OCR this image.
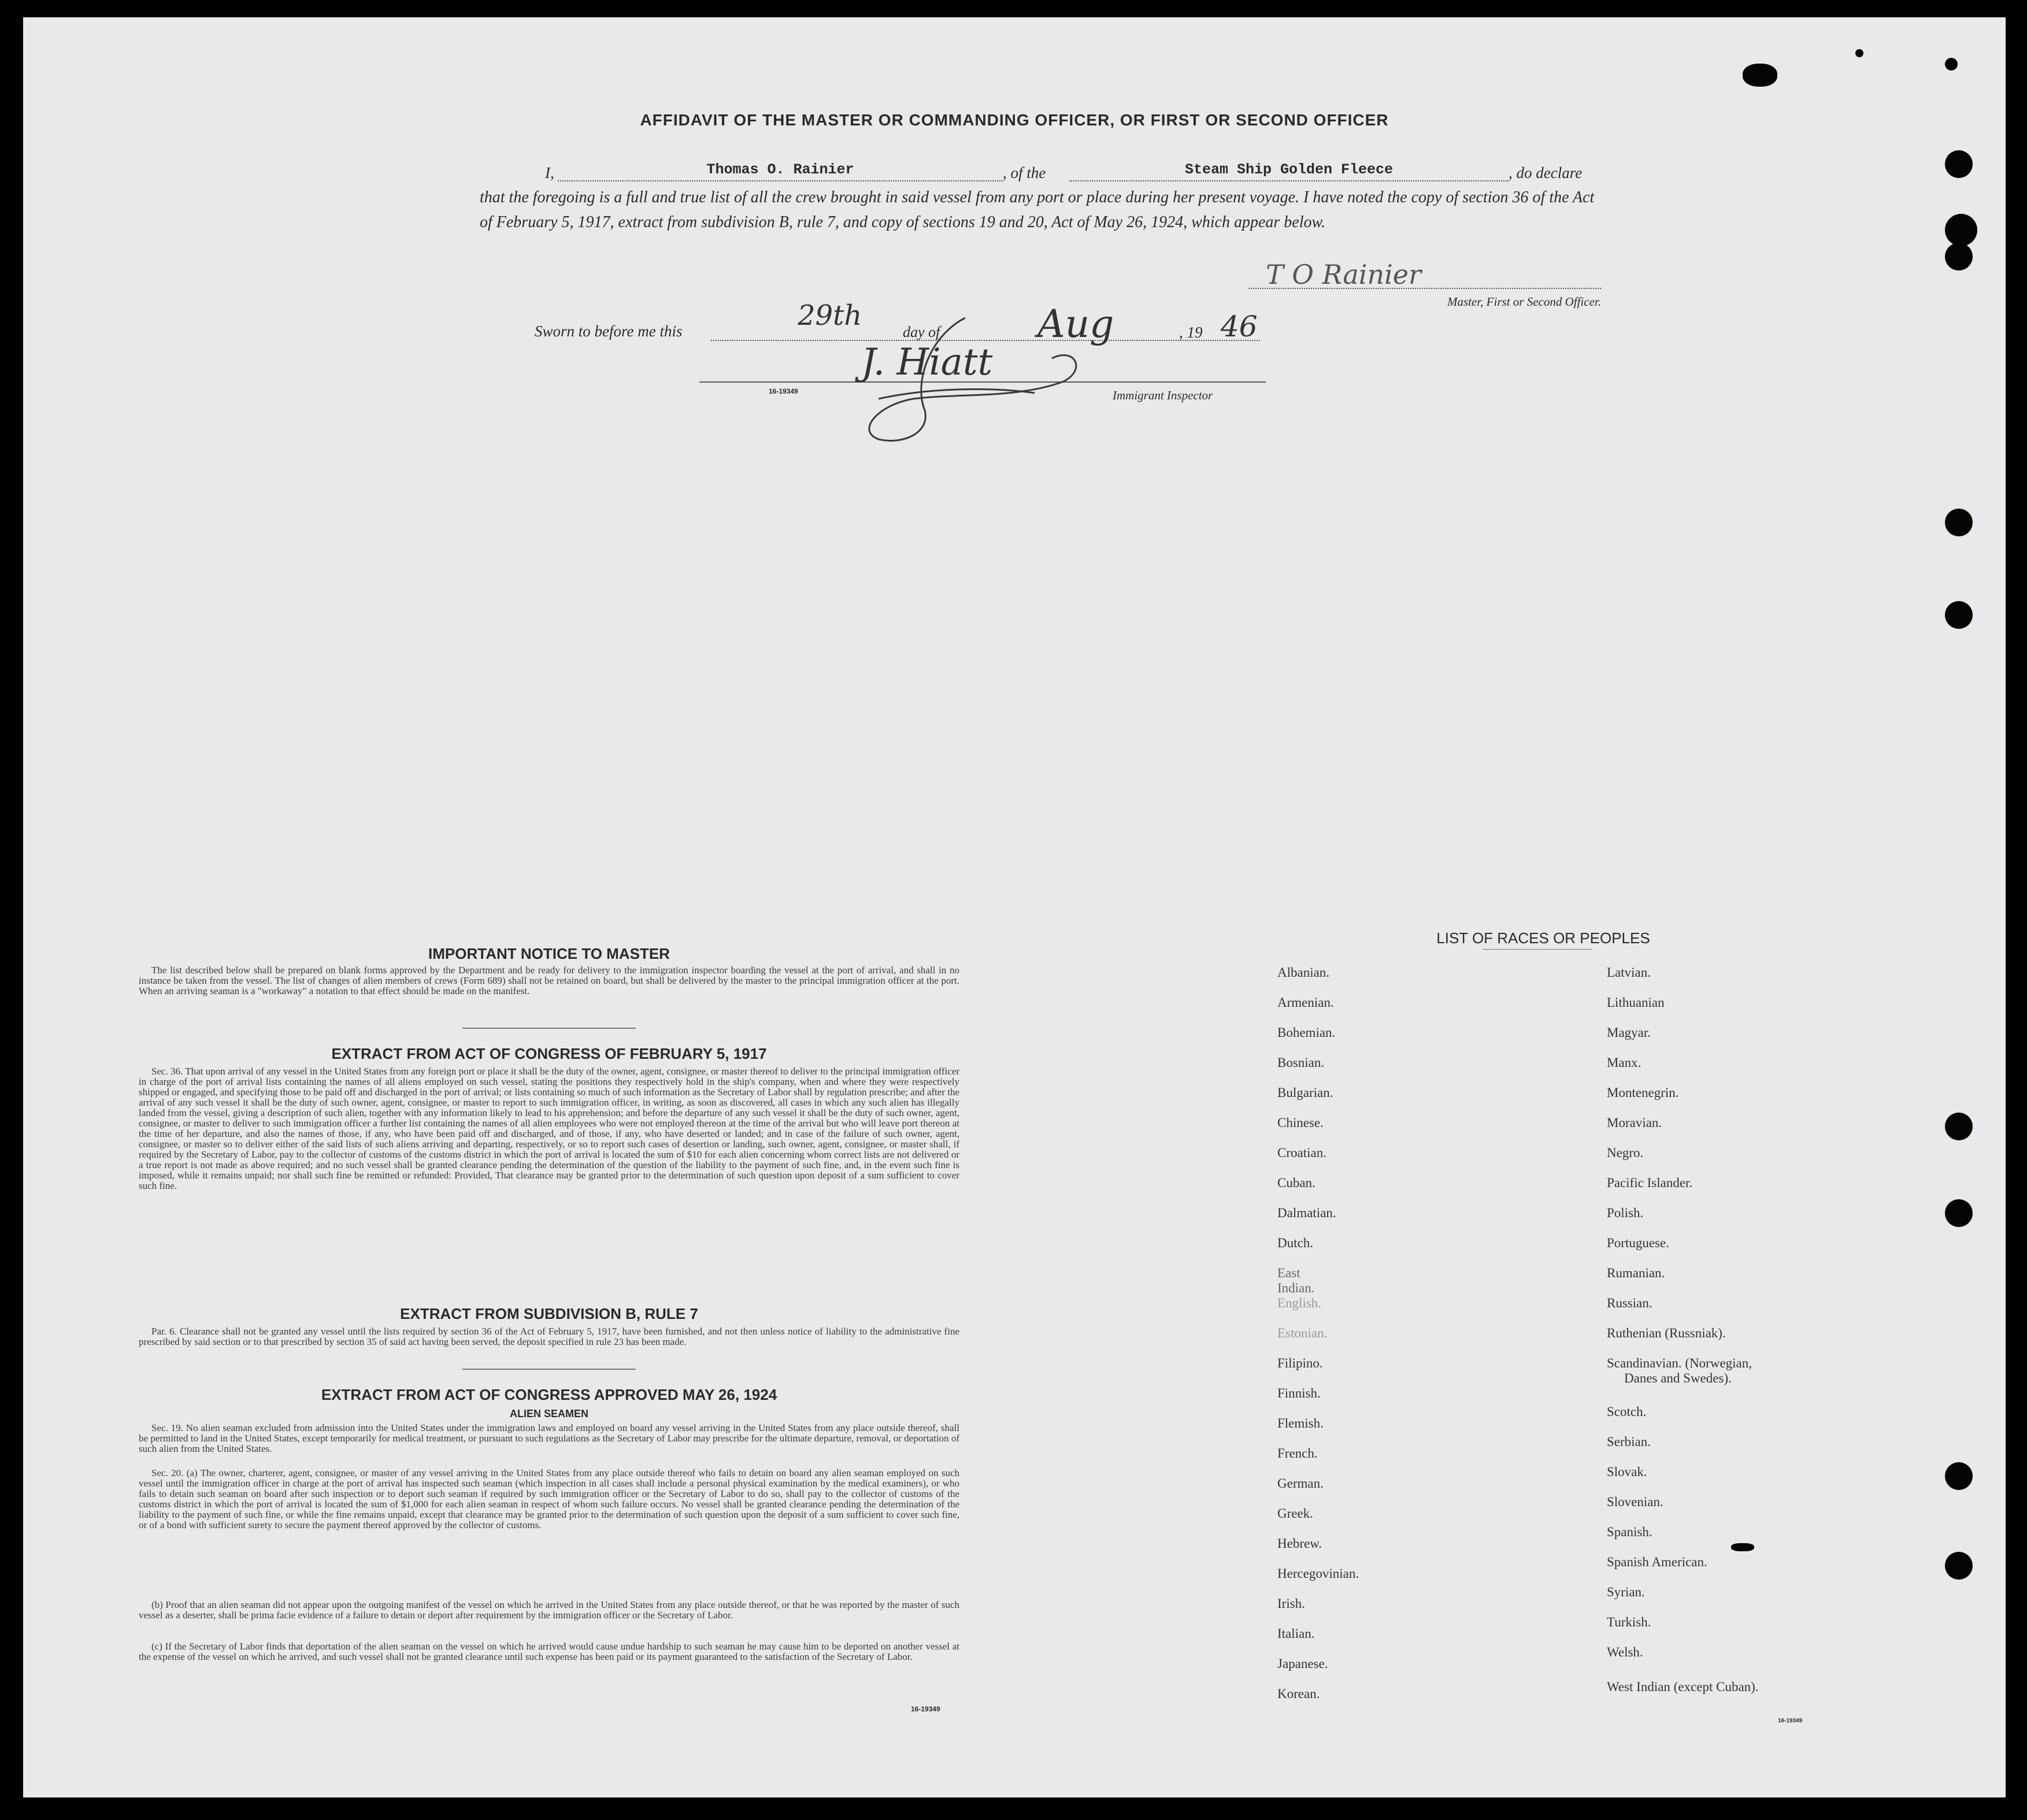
AFFIDAVIT OF THE MASTER OR COMMANDING OFFICER, OR FIRST OR SECOND OFFICER
I,	Thomas O. Rainier	, of the	Steam Ship Golden Fleece	, do declare
that the foregoing is a full and true list of all the crew brought in said vessel from any port or place during her present voyage. I have noted the copy of section 36 of the Act of February 5, 1917, extract from subdivision B, rule 7, and copy of sections 19 and 20, Act of May 26, 1924, which appear below.
T O Rainier
Master, First or Second Officer.
Sworn to before me this	29th
day of	Aug	, 19 46
J. Hiatt
16-19349	Immigrant Inspector
IMPORTANT NOTICE TO MASTER
The list described below shall be prepared on blank forms approved by the Department and be ready for delivery to the immigration inspector boarding the vessel at the port of arrival, and shall in no instance be taken from the vessel. The list of changes of alien members of crews (Form 689) shall not be retained on board, but shall be delivered by the master to the principal immigration officer at the port. When an arriving seaman is a "workaway" a notation to that effect should be made on the manifest.
EXTRACT FROM ACT OF CONGRESS OF FEBRUARY 5, 1917
Sec. 36. That upon arrival of any vessel in the United States from any foreign port or place it shall be the duty of the owner, agent, consignee, or master thereof to deliver to the principal immigration officer in charge of the port of arrival lists containing the names of all aliens employed on such vessel, stating the positions they respectively hold in the ship's company, when and where they were respectively shipped or engaged, and specifying those to be paid off and discharged in the port of arrival; or lists containing so much of such information as the Secretary of Labor shall by regulation prescribe; and after the arrival of any such vessel it shall be the duty of such owner, agent, consignee, or master to report to such immigration officer, in writing, as soon as discovered, all cases in which any such alien has illegally landed from the vessel, giving a description of such alien, together with any information likely to lead to his apprehension; and before the departure of any such vessel it shall be the duty of such owner, agent, consignee, or master to deliver to such immigration officer a further list containing the names of all alien employees who were not employed thereon at the time of the arrival but who will leave port thereon at the time of her departure, and also the names of those, if any, who have been paid off and discharged, and of those, if any, who have deserted or landed; and in case of the failure of such owner, agent, consignee, or master so to deliver either of the said lists of such aliens arriving and departing, respectively, or so to report such cases of desertion or landing, such owner, agent, consignee, or master shall, if required by the Secretary of Labor, pay to the collector of customs of the customs district in which the port of arrival is located the sum of $10 for each alien concerning whom correct lists are not delivered or a true report is not made as above required; and no such vessel shall be granted clearance pending the determination of the question of the liability to the payment of such fine, and, in the event such fine is imposed, while it remains unpaid; nor shall such fine be remitted or refunded: Provided, That clearance may be granted prior to the determination of such question upon deposit of a sum sufficient to cover such fine.
EXTRACT FROM SUBDIVISION B, RULE 7
Par. 6. Clearance shall not be granted any vessel until the lists required by section 36 of the Act of February 5, 1917, have been furnished, and not then unless notice of liability to the administrative fine prescribed by said section or to that prescribed by section 35 of said act having been served, the deposit specified in rule 23 has been made.
EXTRACT FROM ACT OF CONGRESS APPROVED MAY 26, 1924
ALIEN SEAMEN
Sec. 19. No alien seaman excluded from admission into the United States under the immigration laws and employed on board any vessel arriving in the United States from any place outside thereof, shall be permitted to land in the United States, except temporarily for medical treatment, or pursuant to such regulations as the Secretary of Labor may prescribe for the ultimate departure, removal, or deportation of such alien from the United States.
Sec. 20. (a) The owner, charterer, agent, consignee, or master of any vessel arriving in the United States from any place outside thereof who fails to detain on board any alien seaman employed on such vessel until the immigration officer in charge at the port of arrival has inspected such seaman (which inspection in all cases shall include a personal physical examination by the medical examiners), or who fails to detain such seaman on board after such inspection or to deport such seaman if required by such immigration officer or the Secretary of Labor to do so, shall pay to the collector of customs of the customs district in which the port of arrival is located the sum of $1,000 for each alien seaman in respect of whom such failure occurs. No vessel shall be granted clearance pending the determination of the liability to the payment of such fine, or while the fine remains unpaid, except that clearance may be granted prior to the determination of such question upon the deposit of a sum sufficient to cover such fine, or of a bond with sufficient surety to secure the payment thereof approved by the collector of customs.
(b) Proof that an alien seaman did not appear upon the outgoing manifest of the vessel on which he arrived in the United States from any place outside thereof, or that he was reported by the master of such vessel as a deserter, shall be prima facie evidence of a failure to detain or deport after requirement by the immigration officer or the Secretary of Labor.
(c) If the Secretary of Labor finds that deportation of the alien seaman on the vessel on which he arrived would cause undue hardship to such seaman he may cause him to be deported on another vessel at the expense of the vessel on which he arrived, and such vessel shall not be granted clearance until such expense has been paid or its payment guaranteed to the satisfaction of the Secretary of Labor.
16-19349
LIST OF RACES OR PEOPLES
Albanian.
Armenian.
Bohemian.
Bosnian.
Bulgarian.
Chinese.
Croatian.
Cuban.
Dalmatian.
Dutch.
East Indian.
English.
Estonian.
Filipino.
Finnish.
Flemish.
French.
German.
Greek.
Hebrew.
Hercegovinian.
Irish.
Italian.
Japanese.
Korean.
Latvian.
Lithuanian
Magyar.
Manx.
Montenegrin.
Moravian.
Negro.
Pacific Islander.
Polish.
Portuguese.
Rumanian.
Russian.
Ruthenian (Russniak).
Scandinavian. (Norwegian,
Danes and Swedes).
Scotch.
Serbian.
Slovak.
Slovenian.
Spanish.
Spanish American.
Syrian.
Turkish.
Welsh.
West Indian (except Cuban).
16-19349
